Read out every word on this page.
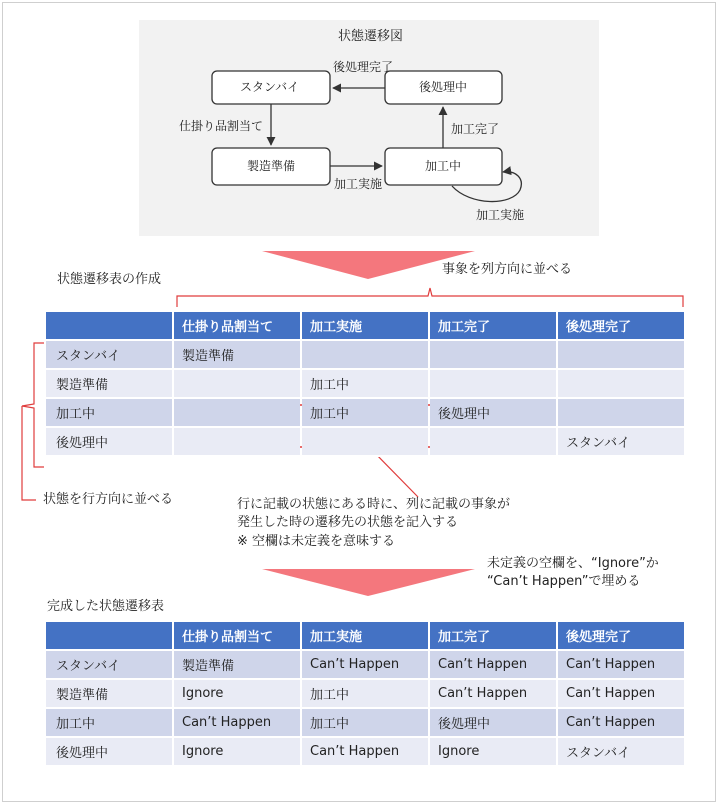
状態遷移図
スタンバイ	後処理中
製造準備	加工中
後処理完了
仕掛り品割当て	加工完了
加工実施
加工実施
状態遷移表の作成
事象を列方向に並べる
	仕掛り品割当て	加工実施	加工完了	後処理完了
スタンバイ	製造準備			
製造準備		加工中		
加工中		加工中	後処理中	
後処理中				スタンバイ
状態を行方向に並べる	行に記載の状態にある時に、列に記載の事象が
発生した時の遷移先の状態を記入する
※ 空欄は未定義を意味する
未定義の空欄を、“Ignore”か
“Can’t Happen”で埋める
完成した状態遷移表
	仕掛り品割当て	加工実施	加工完了	後処理完了
スタンバイ	製造準備	Can’t Happen	Can’t Happen	Can’t Happen
製造準備	Ignore	加工中	Can’t Happen	Can’t Happen
加工中	Can’t Happen	加工中	後処理中	Can’t Happen
後処理中	Ignore	Can’t Happen	Ignore	スタンバイ
